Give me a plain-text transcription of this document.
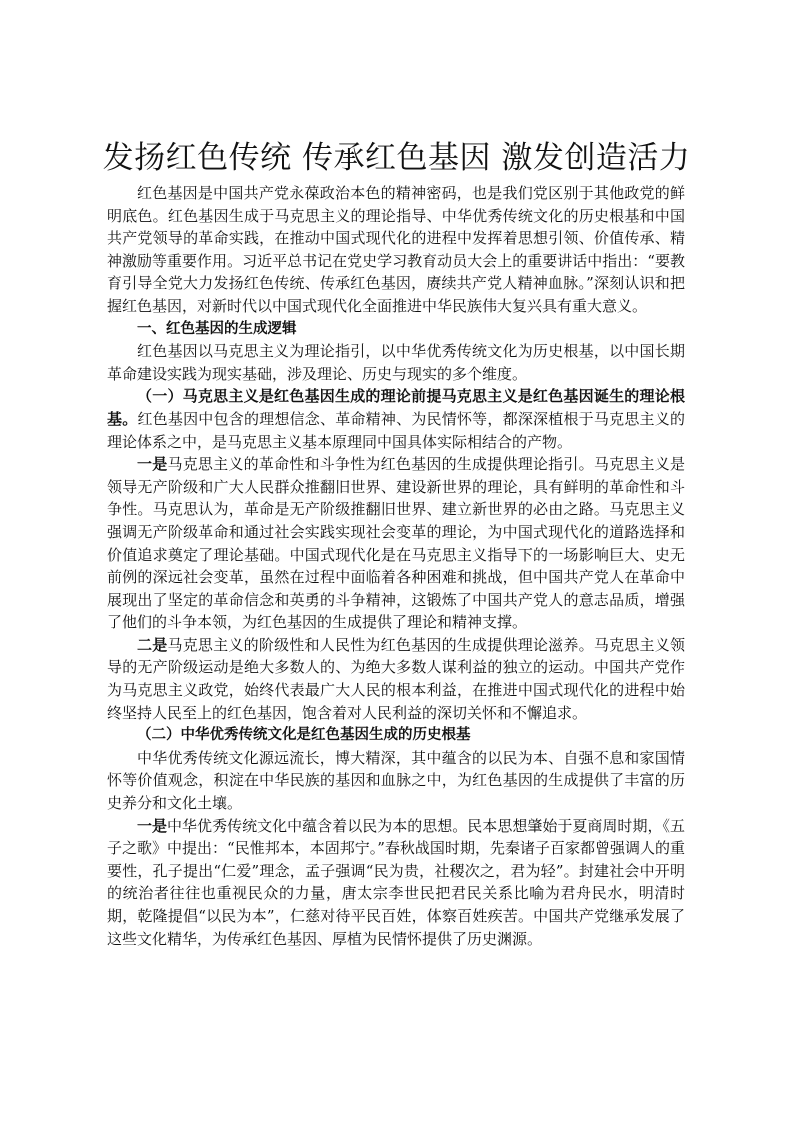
发扬红色传统 传承红色基因 激发创造活力

红色基因是中国共产党永葆政治本色的精神密码，也是我们党区别于其他政党的鲜明底色。红色基因生成于马克思主义的理论指导、中华优秀传统文化的历史根基和中国共产党领导的革命实践，在推动中国式现代化的进程中发挥着思想引领、价值传承、精神激励等重要作用。习近平总书记在党史学习教育动员大会上的重要讲话中指出：“要教育引导全党大力发扬红色传统、传承红色基因，赓续共产党人精神血脉。”深刻认识和把握红色基因，对新时代以中国式现代化全面推进中华民族伟大复兴具有重大意义。

一、红色基因的生成逻辑

红色基因以马克思主义为理论指引，以中华优秀传统文化为历史根基，以中国长期革命建设实践为现实基础，涉及理论、历史与现实的多个维度。

（一）马克思主义是红色基因生成的理论前提马克思主义是红色基因诞生的理论根基。红色基因中包含的理想信念、革命精神、为民情怀等，都深深植根于马克思主义的理论体系之中，是马克思主义基本原理同中国具体实际相结合的产物。

一是马克思主义的革命性和斗争性为红色基因的生成提供理论指引。马克思主义是领导无产阶级和广大人民群众推翻旧世界、建设新世界的理论，具有鲜明的革命性和斗争性。马克思认为，革命是无产阶级推翻旧世界、建立新世界的必由之路。马克思主义强调无产阶级革命和通过社会实践实现社会变革的理论，为中国式现代化的道路选择和价值追求奠定了理论基础。中国式现代化是在马克思主义指导下的一场影响巨大、史无前例的深远社会变革，虽然在过程中面临着各种困难和挑战，但中国共产党人在革命中展现出了坚定的革命信念和英勇的斗争精神，这锻炼了中国共产党人的意志品质，增强了他们的斗争本领，为红色基因的生成提供了理论和精神支撑。

二是马克思主义的阶级性和人民性为红色基因的生成提供理论滋养。马克思主义领导的无产阶级运动是绝大多数人的、为绝大多数人谋利益的独立的运动。中国共产党作为马克思主义政党，始终代表最广大人民的根本利益，在推进中国式现代化的进程中始终坚持人民至上的红色基因，饱含着对人民利益的深切关怀和不懈追求。

（二）中华优秀传统文化是红色基因生成的历史根基

中华优秀传统文化源远流长，博大精深，其中蕴含的以民为本、自强不息和家国情怀等价值观念，积淀在中华民族的基因和血脉之中，为红色基因的生成提供了丰富的历史养分和文化土壤。

一是中华优秀传统文化中蕴含着以民为本的思想。民本思想肇始于夏商周时期，《五子之歌》中提出：“民惟邦本，本固邦宁。”春秋战国时期，先秦诸子百家都曾强调人的重要性，孔子提出“仁爱”理念，孟子强调“民为贵，社稷次之，君为轻”。封建社会中开明的统治者往往也重视民众的力量，唐太宗李世民把君民关系比喻为君舟民水，明清时期，乾隆提倡“以民为本”，仁慈对待平民百姓，体察百姓疾苦。中国共产党继承发展了这些文化精华，为传承红色基因、厚植为民情怀提供了历史渊源。
